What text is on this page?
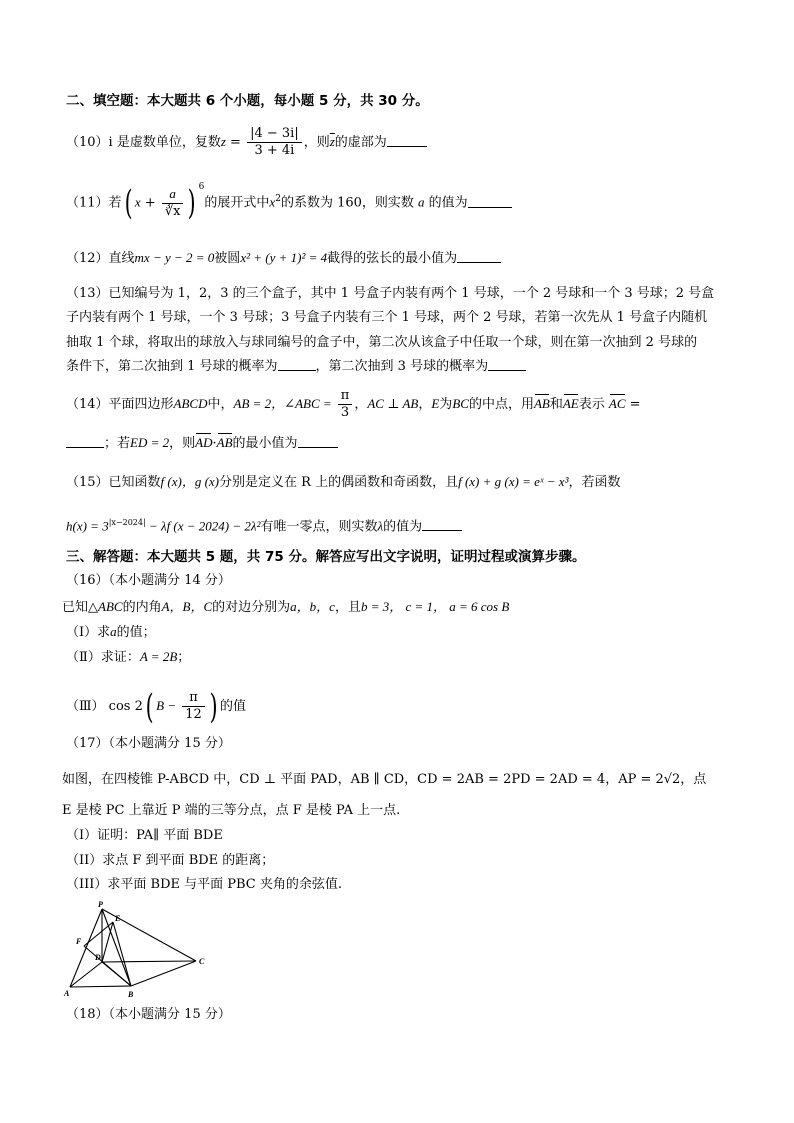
二、填空题：本大题共 6 个小题，每小题 5 分，共 30 分。
（10）i 是虚数单位，复数$z = \frac{|4 - 3i|}{3 + 4i}$ ，则$\overline{z}$的虚部为
（11）若( $x + \frac{a}{∛x}$ ) $^6$的展开式中$x^2$的系数为 160，则实数 a 的值为
（12）直线mx − y − 2 = 0被圆x² + (y + 1)² = 4截得的弦长的最小值为
（13）已知编号为 1，2，3 的三个盒子，其中 1 号盒子内装有两个 1 号球，一个 2 号球和一个 3 号球；2 号盒
子内装有两个 1 号球，一个 3 号球；3 号盒子内装有三个 1 号球，两个 2 号球，若第一次先从 1 号盒子内随机
抽取 1 个球，将取出的球放入与球同编号的盒子中，第二次从该盒子中任取一个球，则在第一次抽到 2 号球的
条件下，第二次抽到 1 号球的概率为	，第二次抽到 3 号球的概率为
（14）平面四边形ABCD中，AB = 2，∠ABC = $\frac{\pi}{3}$ ，AC ⊥ AB，E为BC的中点，用AB和AE表示 AC =
；若ED = 2，则AD·AB的最小值为
（15）已知函数f (x)，g (x)分别是定义在 R 上的偶函数和奇函数，且f (x) + g (x) = eˣ − x³，若函数
$h(x) = 3^{|x-2024|} - \lambda f$ (x − 2024) − 2λ²有唯一零点，则实数λ的值为
三、解答题：本大题共 5 题，共 75 分。解答应写出文字说明，证明过程或演算步骤。
（16）（本小题满分 14 分）
已知△ABC的内角A，B，C的对边分别为a，b，c，且b = 3， c = 1， a = 6 cos B
（Ⅰ）求a的值；
（Ⅱ）求证：A = 2B；
（Ⅲ） cos 2( $B - \frac{\pi}{12}$ ) 的值
（17）（本小题满分 15 分）
如图，在四棱锥 P-ABCD 中，CD ⊥ 平面 PAD，AB ∥ CD，CD = 2AB = 2PD = 2AD = 4，AP = 2√2，点
E 是棱 PC 上靠近 P 端的三等分点，点 F 是棱 PA 上一点.
（I）证明：PA∥ 平面 BDE
（II）求点 F 到平面 BDE 的距离；
（III）求平面 BDE 与平面 PBC 夹角的余弦值.
P
E
F
D	C
A	B
（18）（本小题满分 15 分）
